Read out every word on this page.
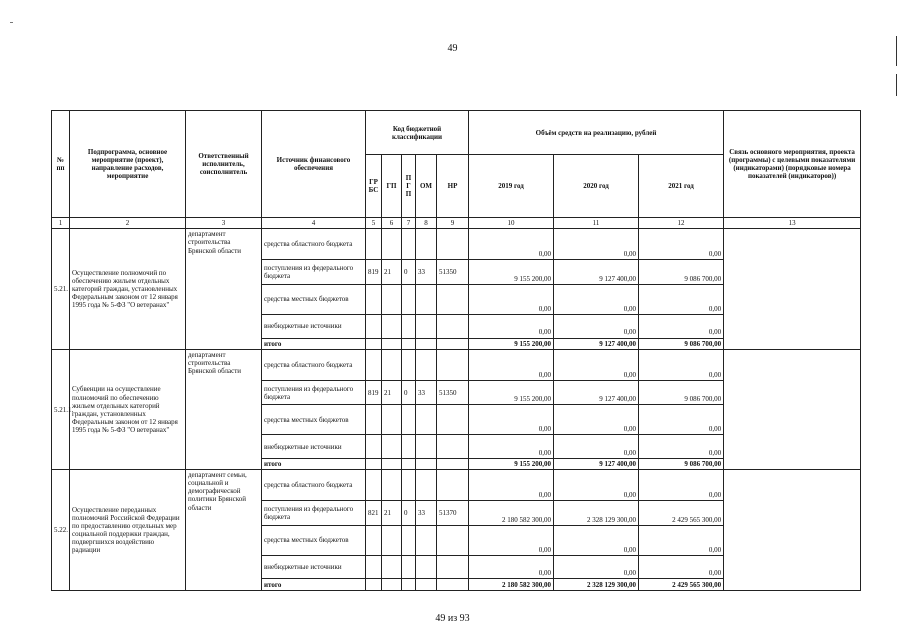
49
№ пп	Подпрограмма, основное мероприятие (проект), направление расходов, мероприятие	Ответственный исполнитель, соисполнитель	Источник финансового обеспечения	Код бюджетной классификации					Объём средств на реализацию, рублей			Связь основного мероприятия, проекта (программы) с целевыми показателями (индикаторами) (порядковые номера показателей (индикаторов))
				ГРБС	ГП	ПГП	ОМ	НР	2019 год	2020 год	2021 год	
1	2	3	4	5	6	7	8	9	10	11	12	13
5.21.	Осуществление полномочий по обеспечению жильем отдельных категорий граждан, установленных Федеральным законом от 12 января 1995 года № 5-ФЗ "О ветеранах"	департамент строительства Брянской области	средства областного бюджета						0,00	0,00	0,00	
			поступления из федерального бюджета	819	21	0	33	51350	9 155 200,00	9 127 400,00	9 086 700,00	
			средства местных бюджетов						0,00	0,00	0,00	
			внебюджетные источники						0,00	0,00	0,00	
			итого						9 155 200,00	9 127 400,00	9 086 700,00	
5.21.1.	Субвенции на осуществление полномочий по обеспечению жильем отдельных категорий граждан, установленных Федеральным законом от 12 января 1995 года № 5-ФЗ "О ветеранах"	департамент строительства Брянской области	средства областного бюджета						0,00	0,00	0,00	
			поступления из федерального бюджета	819	21	0	33	51350	9 155 200,00	9 127 400,00	9 086 700,00	
			средства местных бюджетов						0,00	0,00	0,00	
			внебюджетные источники						0,00	0,00	0,00	
			итого						9 155 200,00	9 127 400,00	9 086 700,00	
5.22.	Осуществление переданных полномочий Российской Федерации по предоставлению отдельных мер социальной поддержки граждан, подвергшихся воздействию радиации	департамент семьи, социальной и демографической политики Брянской области	средства областного бюджета						0,00	0,00	0,00	
			поступления из федерального бюджета	821	21	0	33	51370	2 180 582 300,00	2 328 129 300,00	2 429 565 300,00	
			средства местных бюджетов						0,00	0,00	0,00	
			внебюджетные источники						0,00	0,00	0,00	
			итого						2 180 582 300,00	2 328 129 300,00	2 429 565 300,00	
49 из 93
